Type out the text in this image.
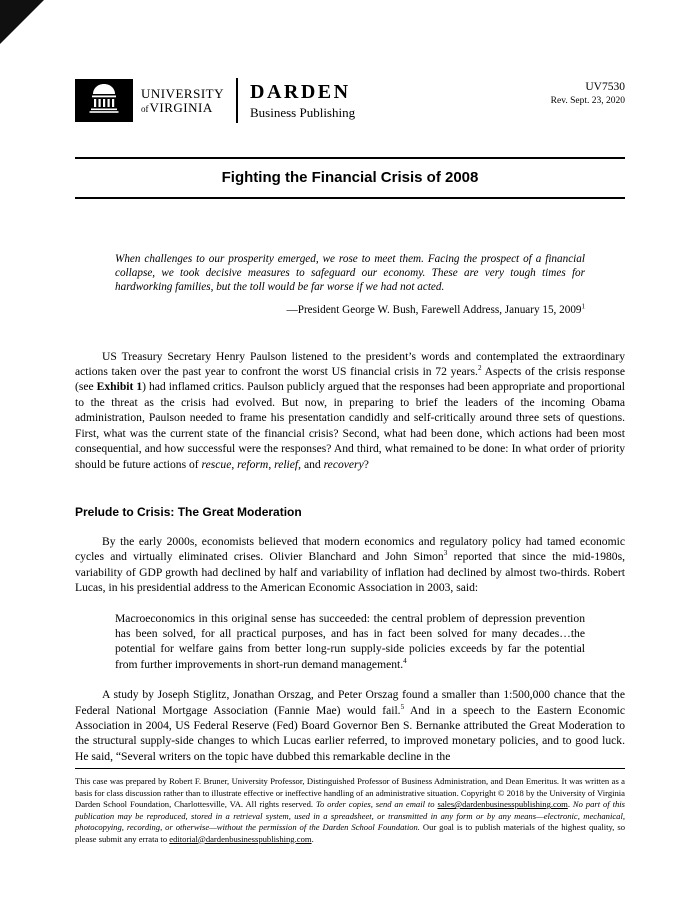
UNIVERSITY
ofVIRGINIA
DARDEN
Business Publishing
UV7530
Rev. Sept. 23, 2020
Fighting the Financial Crisis of 2008

When challenges to our prosperity emerged, we rose to meet them. Facing the prospect of a financial collapse, we took decisive measures to safeguard our economy. These are very tough times for hardworking families, but the toll would be far worse if we had not acted.

—President George W. Bush, Farewell Address, January 15, 2009$^1$

US Treasury Secretary Henry Paulson listened to the president’s words and contemplated the extraordinary actions taken over the past year to confront the worst US financial crisis in 72 years.$^2$ Aspects of the crisis response (see Exhibit 1) had inflamed critics. Paulson publicly argued that the responses had been appropriate and proportional to the threat as the crisis had evolved. But now, in preparing to brief the leaders of the incoming Obama administration, Paulson needed to frame his presentation candidly and self-critically around three sets of questions. First, what was the current state of the financial crisis? Second, what had been done, which actions had been most consequential, and how successful were the responses? And third, what remained to be done: In what order of priority should be future actions of rescue, reform, relief, and recovery?

Prelude to Crisis: The Great Moderation

By the early 2000s, economists believed that modern economics and regulatory policy had tamed economic cycles and virtually eliminated crises. Olivier Blanchard and John Simon$^3$ reported that since the mid-1980s, variability of GDP growth had declined by half and variability of inflation had declined by almost two-thirds. Robert Lucas, in his presidential address to the American Economic Association in 2003, said:

Macroeconomics in this original sense has succeeded: the central problem of depression prevention has been solved, for all practical purposes, and has in fact been solved for many decades…the potential for welfare gains from better long-run supply-side policies exceeds by far the potential from further improvements in short-run demand management.$^4$

A study by Joseph Stiglitz, Jonathan Orszag, and Peter Orszag found a smaller than 1:500,000 chance that the Federal National Mortgage Association (Fannie Mae) would fail.$^5$ And in a speech to the Eastern Economic Association in 2004, US Federal Reserve (Fed) Board Governor Ben S. Bernanke attributed the Great Moderation to the structural supply-side changes to which Lucas earlier referred, to improved monetary policies, and to good luck. He said, “Several writers on the topic have dubbed this remarkable decline in the

This case was prepared by Robert F. Bruner, University Professor, Distinguished Professor of Business Administration, and Dean Emeritus. It was written as a basis for class discussion rather than to illustrate effective or ineffective handling of an administrative situation. Copyright © 2018 by the University of Virginia Darden School Foundation, Charlottesville, VA. All rights reserved. To order copies, send an email to sales@dardenbusinesspublishing.com. No part of this publication may be reproduced, stored in a retrieval system, used in a spreadsheet, or transmitted in any form or by any means—electronic, mechanical, photocopying, recording, or otherwise—without the permission of the Darden School Foundation. Our goal is to publish materials of the highest quality, so please submit any errata to editorial@dardenbusinesspublishing.com.
